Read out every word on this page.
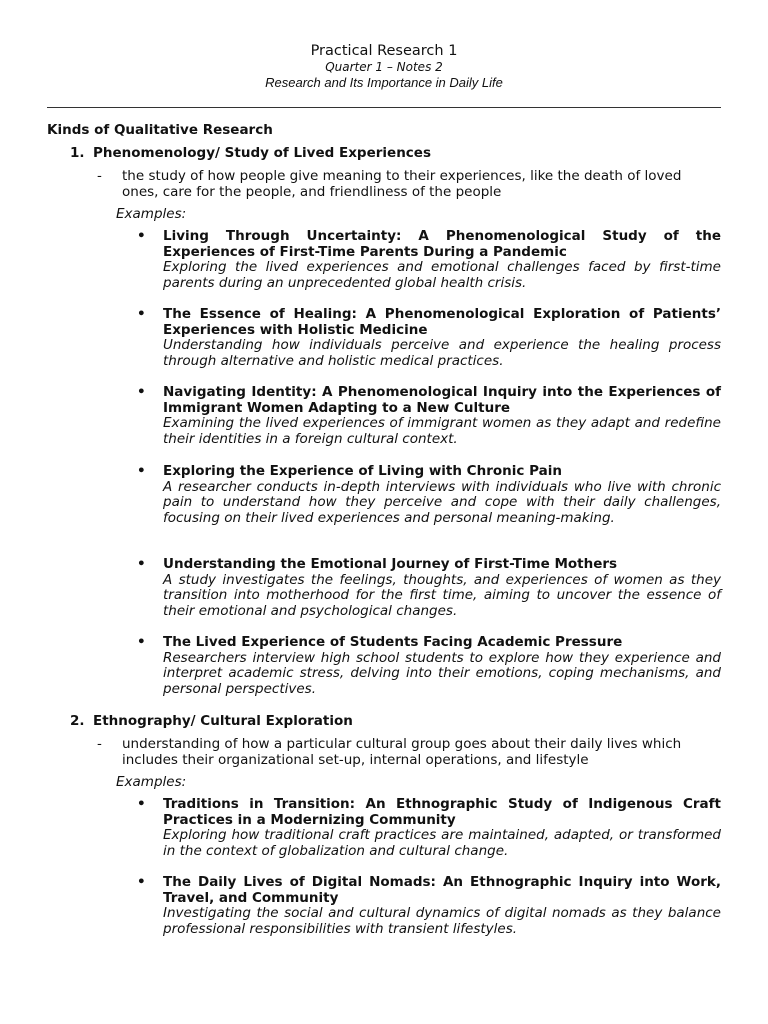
Practical Research 1
Quarter 1 – Notes 2
Research and Its Importance in Daily Life
Kinds of Qualitative Research
1. Phenomenology/ Study of Lived Experiences
- the study of how people give meaning to their experiences, like the death of loved ones, care for the people, and friendliness of the people
Examples:
• Living Through Uncertainty: A Phenomenological Study of the Experiences of First-Time Parents During a Pandemic
Exploring the lived experiences and emotional challenges faced by first-time parents during an unprecedented global health crisis.
• The Essence of Healing: A Phenomenological Exploration of Patients’ Experiences with Holistic Medicine
Understanding how individuals perceive and experience the healing process through alternative and holistic medical practices.
• Navigating Identity: A Phenomenological Inquiry into the Experiences of Immigrant Women Adapting to a New Culture
Examining the lived experiences of immigrant women as they adapt and redefine their identities in a foreign cultural context.
• Exploring the Experience of Living with Chronic Pain
A researcher conducts in-depth interviews with individuals who live with chronic pain to understand how they perceive and cope with their daily challenges, focusing on their lived experiences and personal meaning-making.
• Understanding the Emotional Journey of First-Time Mothers
A study investigates the feelings, thoughts, and experiences of women as they transition into motherhood for the first time, aiming to uncover the essence of their emotional and psychological changes.
• The Lived Experience of Students Facing Academic Pressure
Researchers interview high school students to explore how they experience and interpret academic stress, delving into their emotions, coping mechanisms, and personal perspectives.
2. Ethnography/ Cultural Exploration
- understanding of how a particular cultural group goes about their daily lives which includes their organizational set-up, internal operations, and lifestyle
Examples:
• Traditions in Transition: An Ethnographic Study of Indigenous Craft Practices in a Modernizing Community
Exploring how traditional craft practices are maintained, adapted, or transformed in the context of globalization and cultural change.
• The Daily Lives of Digital Nomads: An Ethnographic Inquiry into Work, Travel, and Community
Investigating the social and cultural dynamics of digital nomads as they balance professional responsibilities with transient lifestyles.
